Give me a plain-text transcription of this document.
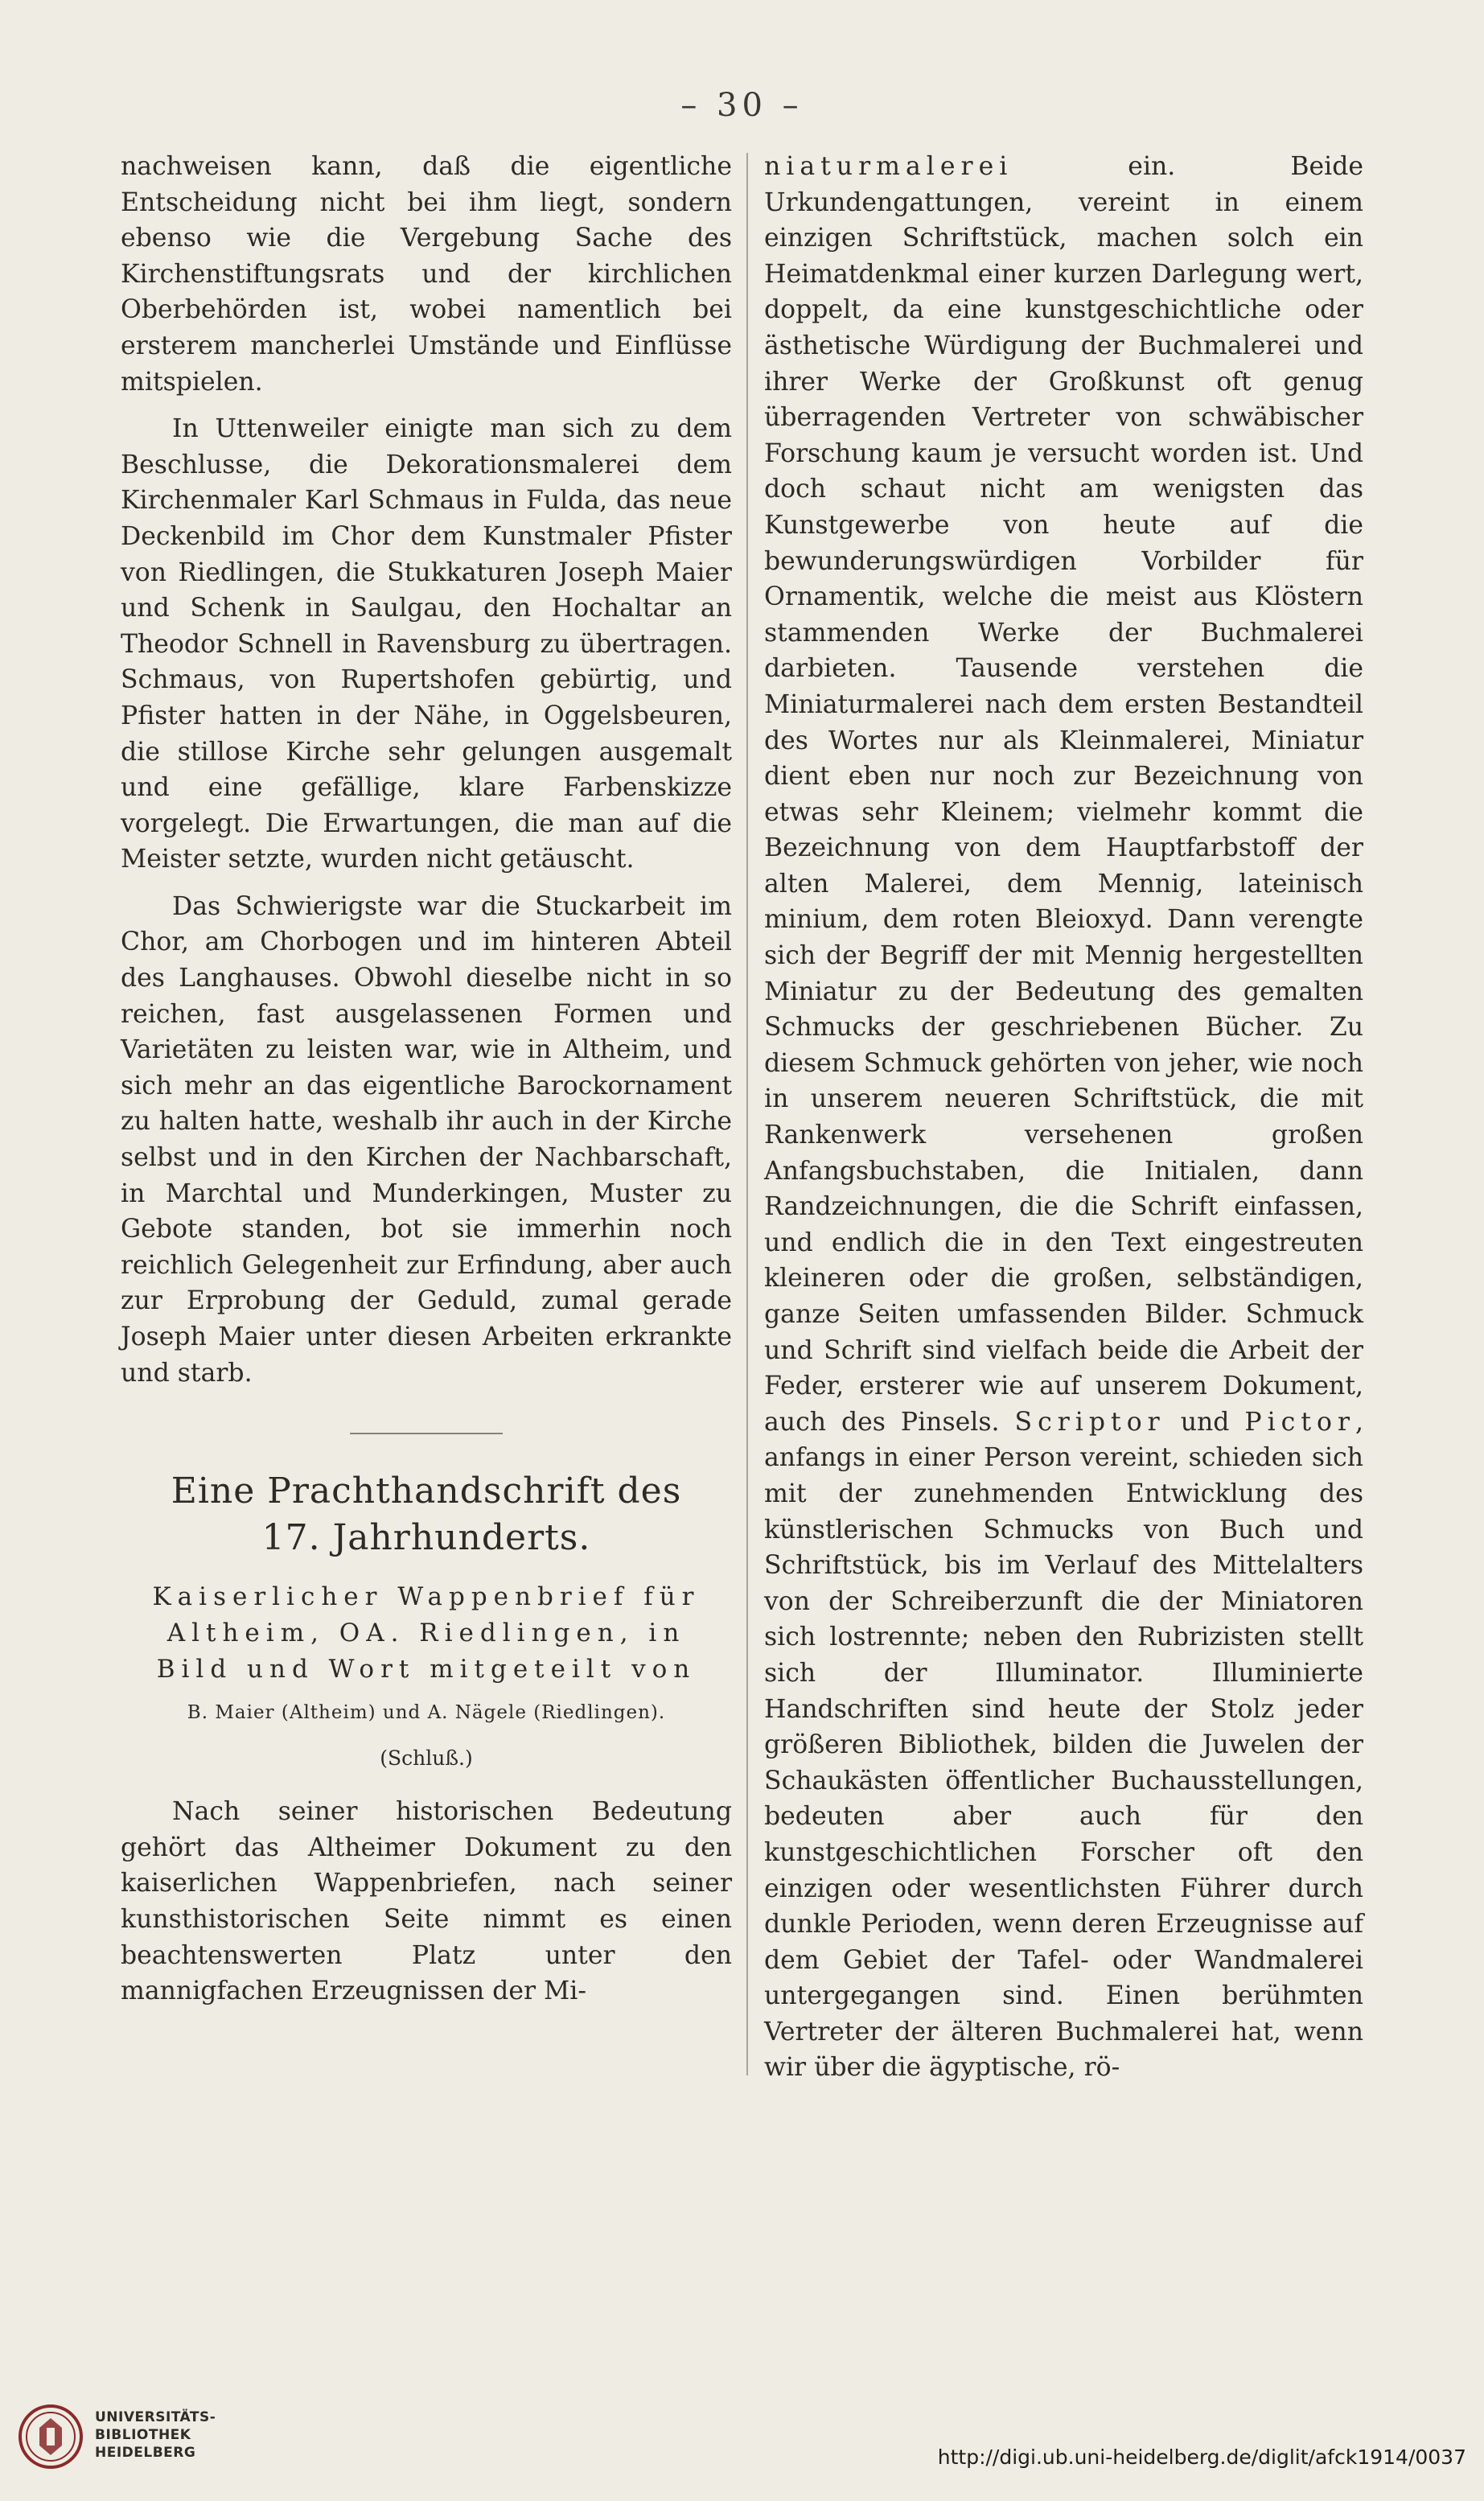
– 30 –

nachweisen kann, daß die eigentliche Entscheidung nicht bei ihm liegt, sondern ebenso wie die Vergebung Sache des Kirchenstiftungsrats und der kirchlichen Oberbehörden ist, wobei namentlich bei ersterem mancherlei Umstände und Einflüsse mitspielen.

In Uttenweiler einigte man sich zu dem Beschlusse, die Dekorationsmalerei dem Kirchenmaler Karl Schmaus in Fulda, das neue Deckenbild im Chor dem Kunstmaler Pfister von Riedlingen, die Stukkaturen Joseph Maier und Schenk in Saulgau, den Hochaltar an Theodor Schnell in Ravensburg zu übertragen. Schmaus, von Rupertshofen gebürtig, und Pfister hatten in der Nähe, in Oggelsbeuren, die stillose Kirche sehr gelungen ausgemalt und eine gefällige, klare Farbenskizze vorgelegt. Die Erwartungen, die man auf die Meister setzte, wurden nicht getäuscht.

Das Schwierigste war die Stuckarbeit im Chor, am Chorbogen und im hinteren Abteil des Langhauses. Obwohl dieselbe nicht in so reichen, fast ausgelassenen Formen und Varietäten zu leisten war, wie in Altheim, und sich mehr an das eigentliche Barockornament zu halten hatte, weshalb ihr auch in der Kirche selbst und in den Kirchen der Nachbarschaft, in Marchtal und Munderkingen, Muster zu Gebote standen, bot sie immerhin noch reichlich Gelegenheit zur Erfindung, aber auch zur Erprobung der Geduld, zumal gerade Joseph Maier unter diesen Arbeiten erkrankte und starb.

Eine Prachthandschrift des
17. Jahrhunderts.

Kaiserlicher Wappenbrief für
Altheim, OA. Riedlingen, in
Bild und Wort mitgeteilt von

B. Maier (Altheim) und A. Nägele (Riedlingen).

(Schluß.)

Nach seiner historischen Bedeutung gehört das Altheimer Dokument zu den kaiserlichen Wappenbriefen, nach seiner kunsthistorischen Seite nimmt es einen beachtenswerten Platz unter den mannigfachen Erzeugnissen der Mi-

niaturmalerei ein. Beide Urkundengattungen, vereint in einem einzigen Schriftstück, machen solch ein Heimatdenkmal einer kurzen Darlegung wert, doppelt, da eine kunstgeschichtliche oder ästhetische Würdigung der Buchmalerei und ihrer Werke der Großkunst oft genug überragenden Vertreter von schwäbischer Forschung kaum je versucht worden ist. Und doch schaut nicht am wenigsten das Kunstgewerbe von heute auf die bewunderungswürdigen Vorbilder für Ornamentik, welche die meist aus Klöstern stammenden Werke der Buchmalerei darbieten. Tausende verstehen die Miniaturmalerei nach dem ersten Bestandteil des Wortes nur als Kleinmalerei, Miniatur dient eben nur noch zur Bezeichnung von etwas sehr Kleinem; vielmehr kommt die Bezeichnung von dem Hauptfarbstoff der alten Malerei, dem Mennig, lateinisch minium, dem roten Bleioxyd. Dann verengte sich der Begriff der mit Mennig hergestellten Miniatur zu der Bedeutung des gemalten Schmucks der geschriebenen Bücher. Zu diesem Schmuck gehörten von jeher, wie noch in unserem neueren Schriftstück, die mit Rankenwerk versehenen großen Anfangsbuchstaben, die Initialen, dann Randzeichnungen, die die Schrift einfassen, und endlich die in den Text eingestreuten kleineren oder die großen, selbständigen, ganze Seiten umfassenden Bilder. Schmuck und Schrift sind vielfach beide die Arbeit der Feder, ersterer wie auf unserem Dokument, auch des Pinsels. Scriptor und Pictor, anfangs in einer Person vereint, schieden sich mit der zunehmenden Entwicklung des künstlerischen Schmucks von Buch und Schriftstück, bis im Verlauf des Mittelalters von der Schreiberzunft die der Miniatoren sich lostrennte; neben den Rubrizisten stellt sich der Illuminator. Illuminierte Handschriften sind heute der Stolz jeder größeren Bibliothek, bilden die Juwelen der Schaukästen öffentlicher Buchausstellungen, bedeuten aber auch für den kunstgeschichtlichen Forscher oft den einzigen oder wesentlichsten Führer durch dunkle Perioden, wenn deren Erzeugnisse auf dem Gebiet der Tafel- oder Wandmalerei untergegangen sind. Einen berühmten Vertreter der älteren Buchmalerei hat, wenn wir über die ägyptische, rö-

UNIVERSITÄTS-
BIBLIOTHEK
HEIDELBERG	http://digi.ub.uni-heidelberg.de/diglit/afck1914/0037
